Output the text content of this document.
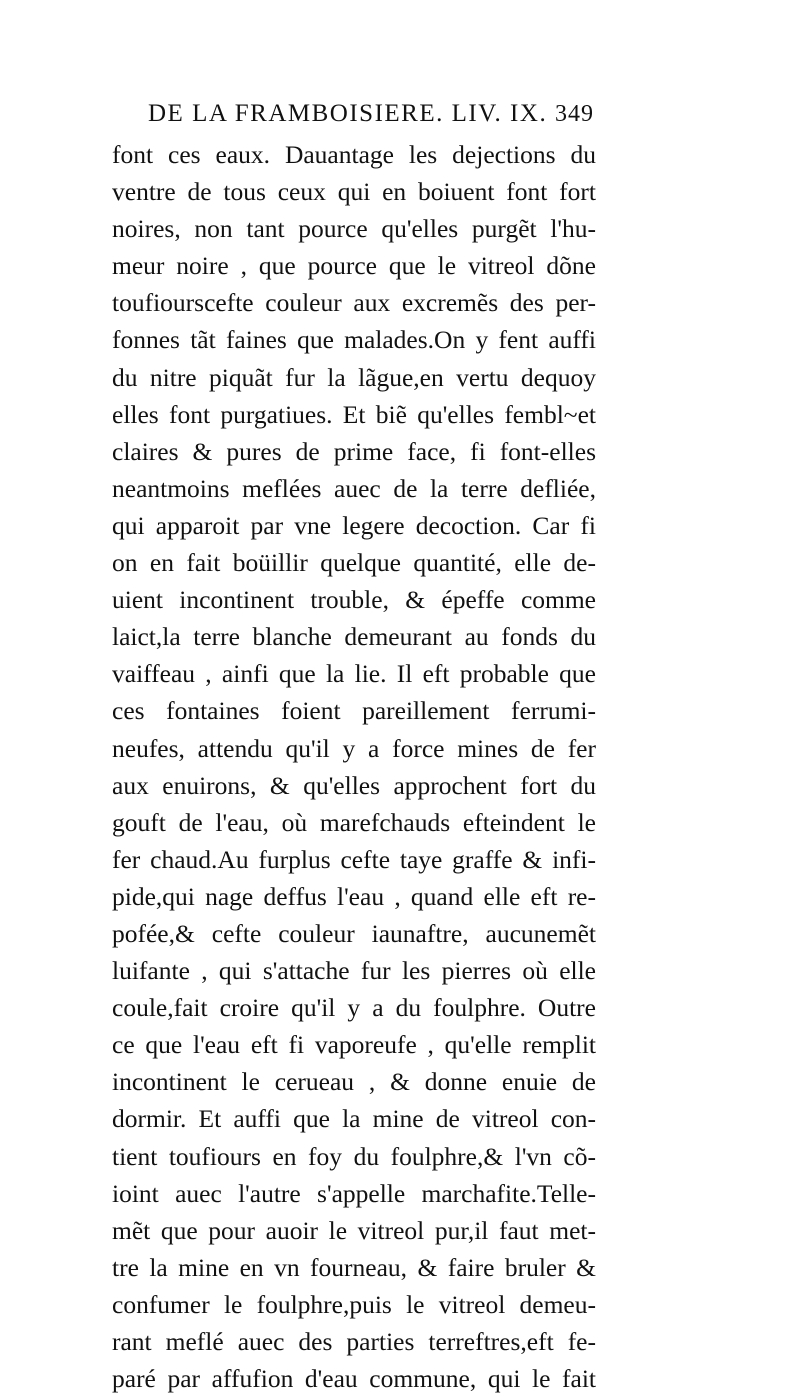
DE LA FRAMBOISIERE. LIV. IX. 349
font ces eaux. Dauantage les dejections du
ventre de tous ceux qui en boiuent font fort
noires, non tant pource qu'elles purgẽt l'hu-
meur noire , que pource que le vitreol dõne
toufiourscefte couleur aux excremẽs des per-
fonnes tãt faines que malades.On y fent auffi
du nitre piquãt fur la lãgue,en vertu dequoy
elles font purgatiues. Et biẽ qu'elles fembl~et
claires & pures de prime face, fi font-elles
neantmoins meflées auec de la terre defliée,
qui apparoit par vne legere decoction. Car fi
on en fait boüillir quelque quantité, elle de-
uient incontinent trouble, & épeffe comme
laict,la terre blanche demeurant au fonds du
vaiffeau , ainfi que la lie. Il eft probable que
ces fontaines foient pareillement ferrumi-
neufes, attendu qu'il y a force mines de fer
aux enuirons, & qu'elles approchent fort du
gouft de l'eau, où marefchauds efteindent le
fer chaud.Au furplus cefte taye graffe & infi-
pide,qui nage deffus l'eau , quand elle eft re-
pofée,& cefte couleur iaunaftre, aucunemẽt
luifante , qui s'attache fur les pierres où elle
coule,fait croire qu'il y a du foulphre. Outre
ce que l'eau eft fi vaporeufe , qu'elle remplit
incontinent le cerueau , & donne enuie de
dormir. Et auffi que la mine de vitreol con-
tient toufiours en foy du foulphre,& l'vn cõ-
ioint auec l'autre s'appelle marchafite.Telle-
mẽt que pour auoir le vitreol pur,il faut met-
tre la mine en vn fourneau, & faire bruler &
confumer le foulphre,puis le vitreol demeu-
rant meflé auec des parties terreftres,eft fe-
paré par affufion d'eau commune, qui le fait
